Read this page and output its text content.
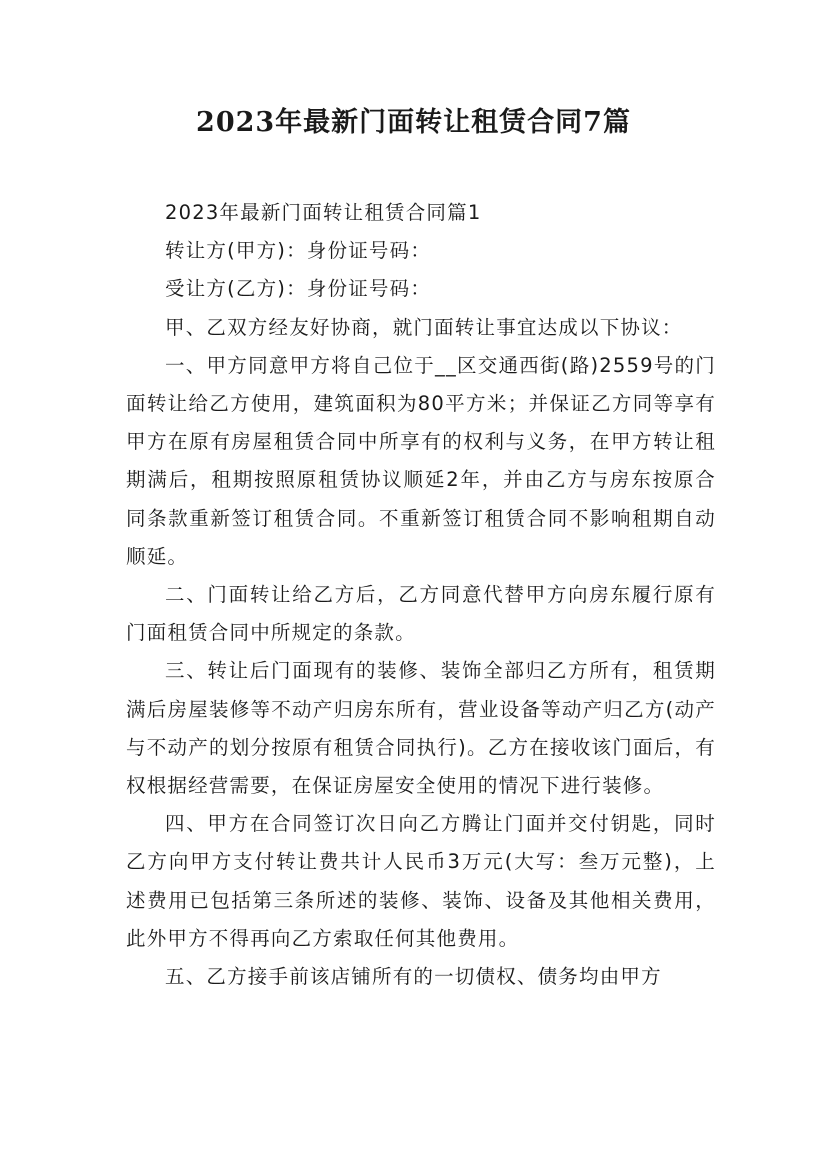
2023年最新门面转让租赁合同7篇

2023年最新门面转让租赁合同篇1

转让方(甲方)：身份证号码：

受让方(乙方)：身份证号码：

甲、乙双方经友好协商，就门面转让事宜达成以下协议：

一、甲方同意甲方将自己位于__区交通西街(路)2559号的门面转让给乙方使用，建筑面积为80平方米；并保证乙方同等享有甲方在原有房屋租赁合同中所享有的权利与义务，在甲方转让租期满后，租期按照原租赁协议顺延2年，并由乙方与房东按原合同条款重新签订租赁合同。不重新签订租赁合同不影响租期自动顺延。

二、门面转让给乙方后，乙方同意代替甲方向房东履行原有门面租赁合同中所规定的条款。

三、转让后门面现有的装修、装饰全部归乙方所有，租赁期满后房屋装修等不动产归房东所有，营业设备等动产归乙方(动产与不动产的划分按原有租赁合同执行)。乙方在接收该门面后，有权根据经营需要，在保证房屋安全使用的情况下进行装修。

四、甲方在合同签订次日向乙方腾让门面并交付钥匙，同时乙方向甲方支付转让费共计人民币3万元(大写：叁万元整)，上述费用已包括第三条所述的装修、装饰、设备及其他相关费用，此外甲方不得再向乙方索取任何其他费用。

五、乙方接手前该店铺所有的一切债权、债务均由甲方
